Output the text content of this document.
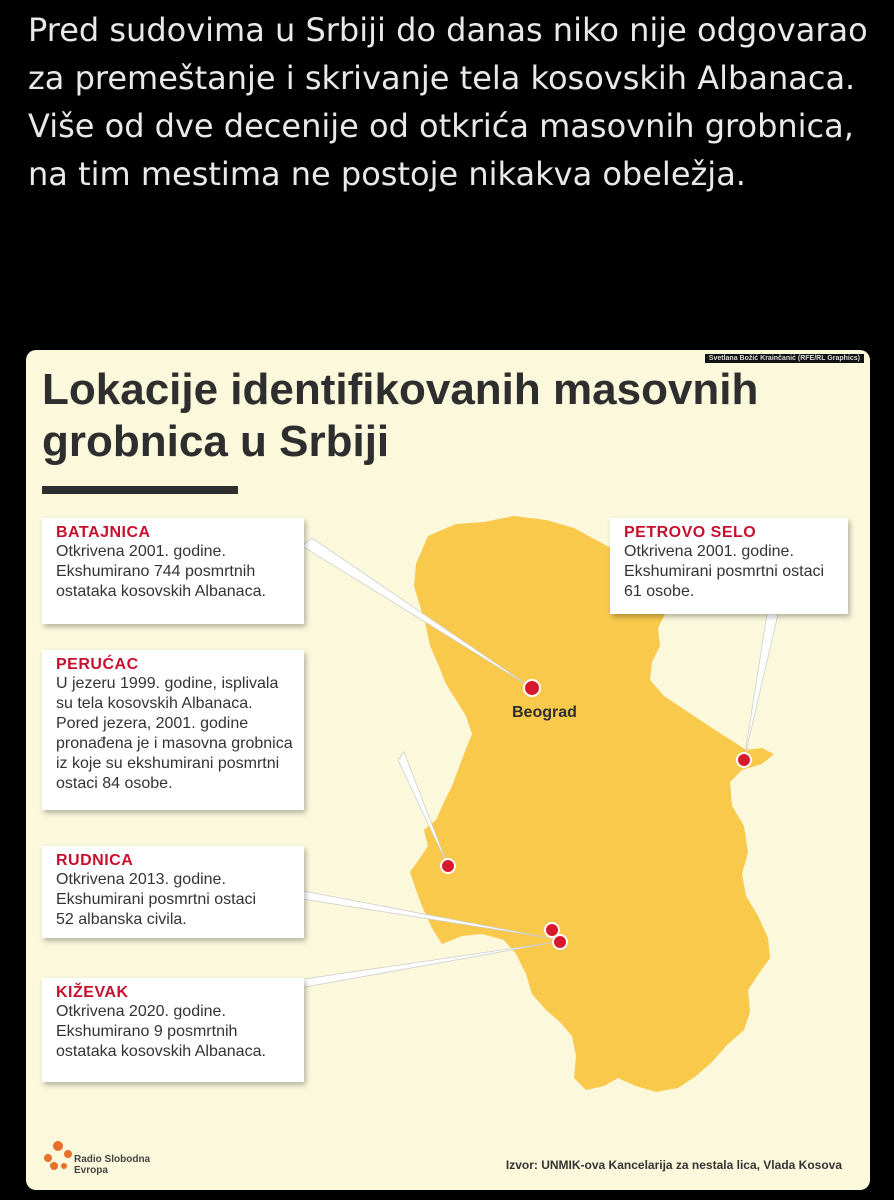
Pred sudovima u Srbiji do danas niko nije odgovarao za premeštanje i skrivanje tela kosovskih Albanaca.

Više od dve decenije od otkrića masovnih grobnica, na tim mestima ne postoje nikakva obeležja.

Svetlana Božić Krainčanić (RFE/RL Graphics)
Lokacije identifikovanih masovnih grobnica u Srbiji
Beograd
BATAJNICA
Otkrivena 2001. godine.
Ekshumirano 744 posmrtnih
ostataka kosovskih Albanaca.
PERUĆAC
U jezeru 1999. godine, isplivala
su tela kosovskih Albanaca.
Pored jezera, 2001. godine
pronađena je i masovna grobnica
iz koje su ekshumirani posmrtni
ostaci 84 osobe.
RUDNICA
Otkrivena 2013. godine.
Ekshumirani posmrtni ostaci
52 albanska civila.
KIŽEVAK
Otkrivena 2020. godine.
Ekshumirano 9 posmrtnih
ostataka kosovskih Albanaca.
PETROVO SELO
Otkrivena 2001. godine.
Ekshumirani posmrtni ostaci
61 osobe.
Radio Slobodna
Evropa	Izvor: UNMIK-ova Kancelarija za nestala lica, Vlada Kosova
